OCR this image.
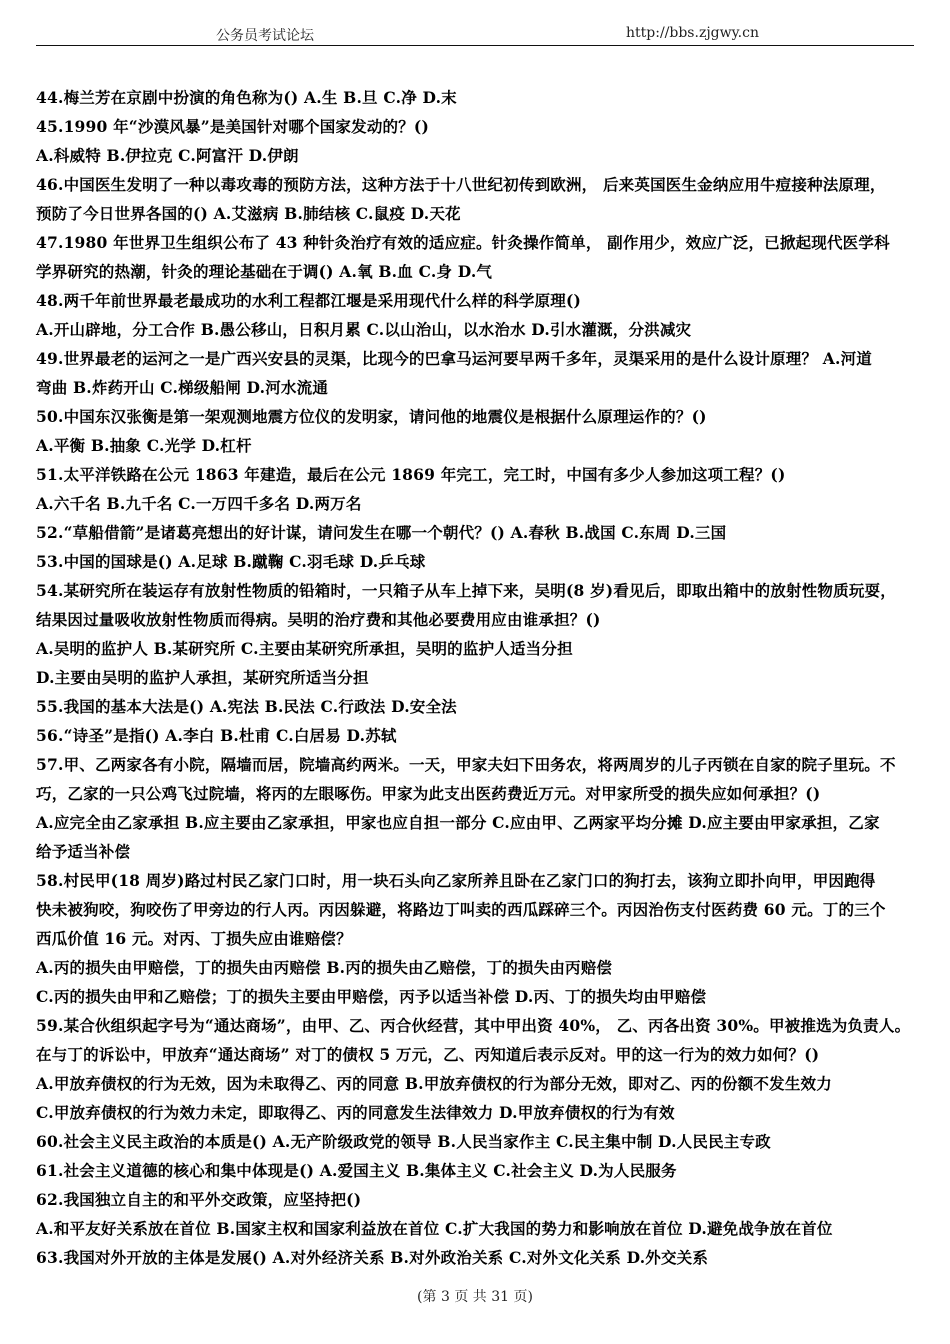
公务员考试论坛	http://bbs.zjgwy.cn
44.梅兰芳在京剧中扮演的角色称为() A.生 B.旦 C.净 D.末
45.1990 年“沙漠风暴”是美国针对哪个国家发动的？()
A.科威特 B.伊拉克 C.阿富汗 D.伊朗
46.中国医生发明了一种以毒攻毒的预防方法，这种方法于十八世纪初传到欧洲， 后来英国医生金纳应用牛痘接种法原理，
预防了今日世界各国的() A.艾滋病 B.肺结核 C.鼠疫 D.天花
47.1980 年世界卫生组织公布了 43 种针灸治疗有效的适应症。针灸操作简单， 副作用少，效应广泛，已掀起现代医学科
学界研究的热潮，针灸的理论基础在于调() A.氧 B.血 C.身 D.气
48.两千年前世界最老最成功的水利工程都江堰是采用现代什么样的科学原理()
A.开山辟地，分工合作 B.愚公移山，日积月累 C.以山治山，以水治水 D.引水灌溉，分洪减灾
49.世界最老的运河之一是广西兴安县的灵渠，比现今的巴拿马运河要早两千多年，灵渠采用的是什么设计原理？ A.河道
弯曲 B.炸药开山 C.梯级船闸 D.河水流通
50.中国东汉张衡是第一架观测地震方位仪的发明家，请问他的地震仪是根据什么原理运作的？()
A.平衡 B.抽象 C.光学 D.杠杆
51.太平洋铁路在公元 1863 年建造，最后在公元 1869 年完工，完工时，中国有多少人参加这项工程？()
A.六千名 B.九千名 C.一万四千多名 D.两万名
52.“草船借箭”是诸葛亮想出的好计谋，请问发生在哪一个朝代？() A.春秋 B.战国 C.东周 D.三国
53.中国的国球是() A.足球 B.蹴鞠 C.羽毛球 D.乒乓球
54.某研究所在装运存有放射性物质的铅箱时，一只箱子从车上掉下来，吴明(8 岁)看见后，即取出箱中的放射性物质玩耍，
结果因过量吸收放射性物质而得病。吴明的治疗费和其他必要费用应由谁承担？()
A.吴明的监护人 B.某研究所 C.主要由某研究所承担，吴明的监护人适当分担
D.主要由吴明的监护人承担，某研究所适当分担
55.我国的基本大法是() A.宪法 B.民法 C.行政法 D.安全法
56.“诗圣”是指() A.李白 B.杜甫 C.白居易 D.苏轼
57.甲、乙两家各有小院，隔墙而居，院墙高约两米。一天，甲家夫妇下田务农，将两周岁的儿子丙锁在自家的院子里玩。不
巧，乙家的一只公鸡飞过院墙，将丙的左眼啄伤。甲家为此支出医药费近万元。对甲家所受的损失应如何承担？()
A.应完全由乙家承担 B.应主要由乙家承担，甲家也应自担一部分 C.应由甲、乙两家平均分摊 D.应主要由甲家承担，乙家
给予适当补偿
58.村民甲(18 周岁)路过村民乙家门口时，用一块石头向乙家所养且卧在乙家门口的狗打去，该狗立即扑向甲，甲因跑得
快未被狗咬，狗咬伤了甲旁边的行人丙。丙因躲避，将路边丁叫卖的西瓜踩碎三个。丙因治伤支付医药费 60 元。丁的三个
西瓜价值 16 元。对丙、丁损失应由谁赔偿？
A.丙的损失由甲赔偿，丁的损失由丙赔偿 B.丙的损失由乙赔偿，丁的损失由丙赔偿
C.丙的损失由甲和乙赔偿；丁的损失主要由甲赔偿，丙予以适当补偿 D.丙、丁的损失均由甲赔偿
59.某合伙组织起字号为“通达商场”，由甲、乙、丙合伙经营，其中甲出资 40%， 乙、丙各出资 30%。甲被推选为负责人。
在与丁的诉讼中，甲放弃“通达商场” 对丁的债权 5 万元，乙、丙知道后表示反对。甲的这一行为的效力如何？()
A.甲放弃债权的行为无效，因为未取得乙、丙的同意 B.甲放弃债权的行为部分无效，即对乙、丙的份额不发生效力
C.甲放弃债权的行为效力未定，即取得乙、丙的同意发生法律效力 D.甲放弃债权的行为有效
60.社会主义民主政治的本质是() A.无产阶级政党的领导 B.人民当家作主 C.民主集中制 D.人民民主专政
61.社会主义道德的核心和集中体现是() A.爱国主义 B.集体主义 C.社会主义 D.为人民服务
62.我国独立自主的和平外交政策，应坚持把()
A.和平友好关系放在首位 B.国家主权和国家利益放在首位 C.扩大我国的势力和影响放在首位 D.避免战争放在首位
63.我国对外开放的主体是发展() A.对外经济关系 B.对外政治关系 C.对外文化关系 D.外交关系
(第 3 页 共 31 页)
